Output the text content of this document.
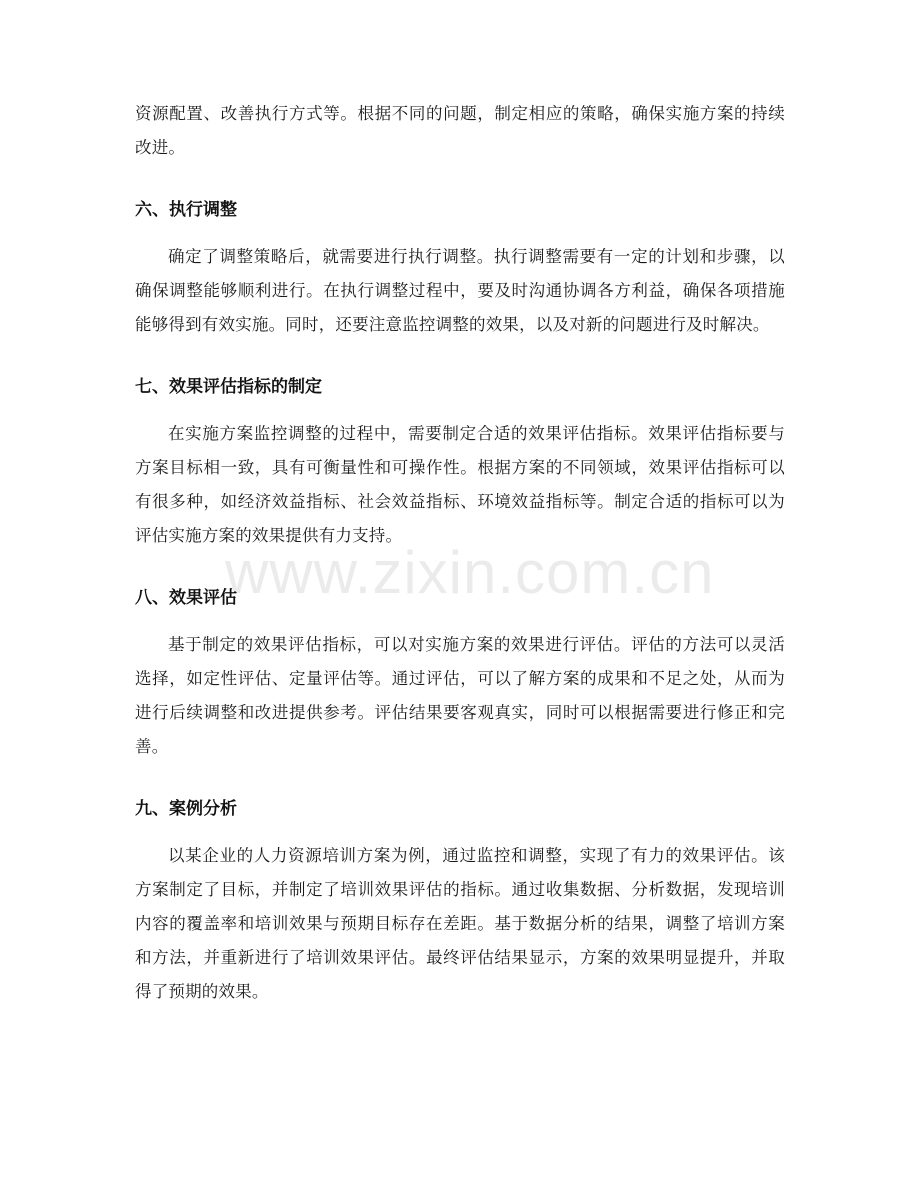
资源配置、改善执行方式等。根据不同的问题，制定相应的策略，确保实施方案的持续改进。

六、执行调整

确定了调整策略后，就需要进行执行调整。执行调整需要有一定的计划和步骤，以确保调整能够顺利进行。在执行调整过程中，要及时沟通协调各方利益，确保各项措施能够得到有效实施。同时，还要注意监控调整的效果，以及对新的问题进行及时解决。

七、效果评估指标的制定

在实施方案监控调整的过程中，需要制定合适的效果评估指标。效果评估指标要与方案目标相一致，具有可衡量性和可操作性。根据方案的不同领域，效果评估指标可以有很多种，如经济效益指标、社会效益指标、环境效益指标等。制定合适的指标可以为评估实施方案的效果提供有力支持。

八、效果评估

基于制定的效果评估指标，可以对实施方案的效果进行评估。评估的方法可以灵活选择，如定性评估、定量评估等。通过评估，可以了解方案的成果和不足之处，从而为进行后续调整和改进提供参考。评估结果要客观真实，同时可以根据需要进行修正和完善。

九、案例分析

以某企业的人力资源培训方案为例，通过监控和调整，实现了有力的效果评估。该方案制定了目标，并制定了培训效果评估的指标。通过收集数据、分析数据，发现培训内容的覆盖率和培训效果与预期目标存在差距。基于数据分析的结果，调整了培训方案和方法，并重新进行了培训效果评估。最终评估结果显示，方案的效果明显提升，并取得了预期的效果。

www.zixin.com.cn
